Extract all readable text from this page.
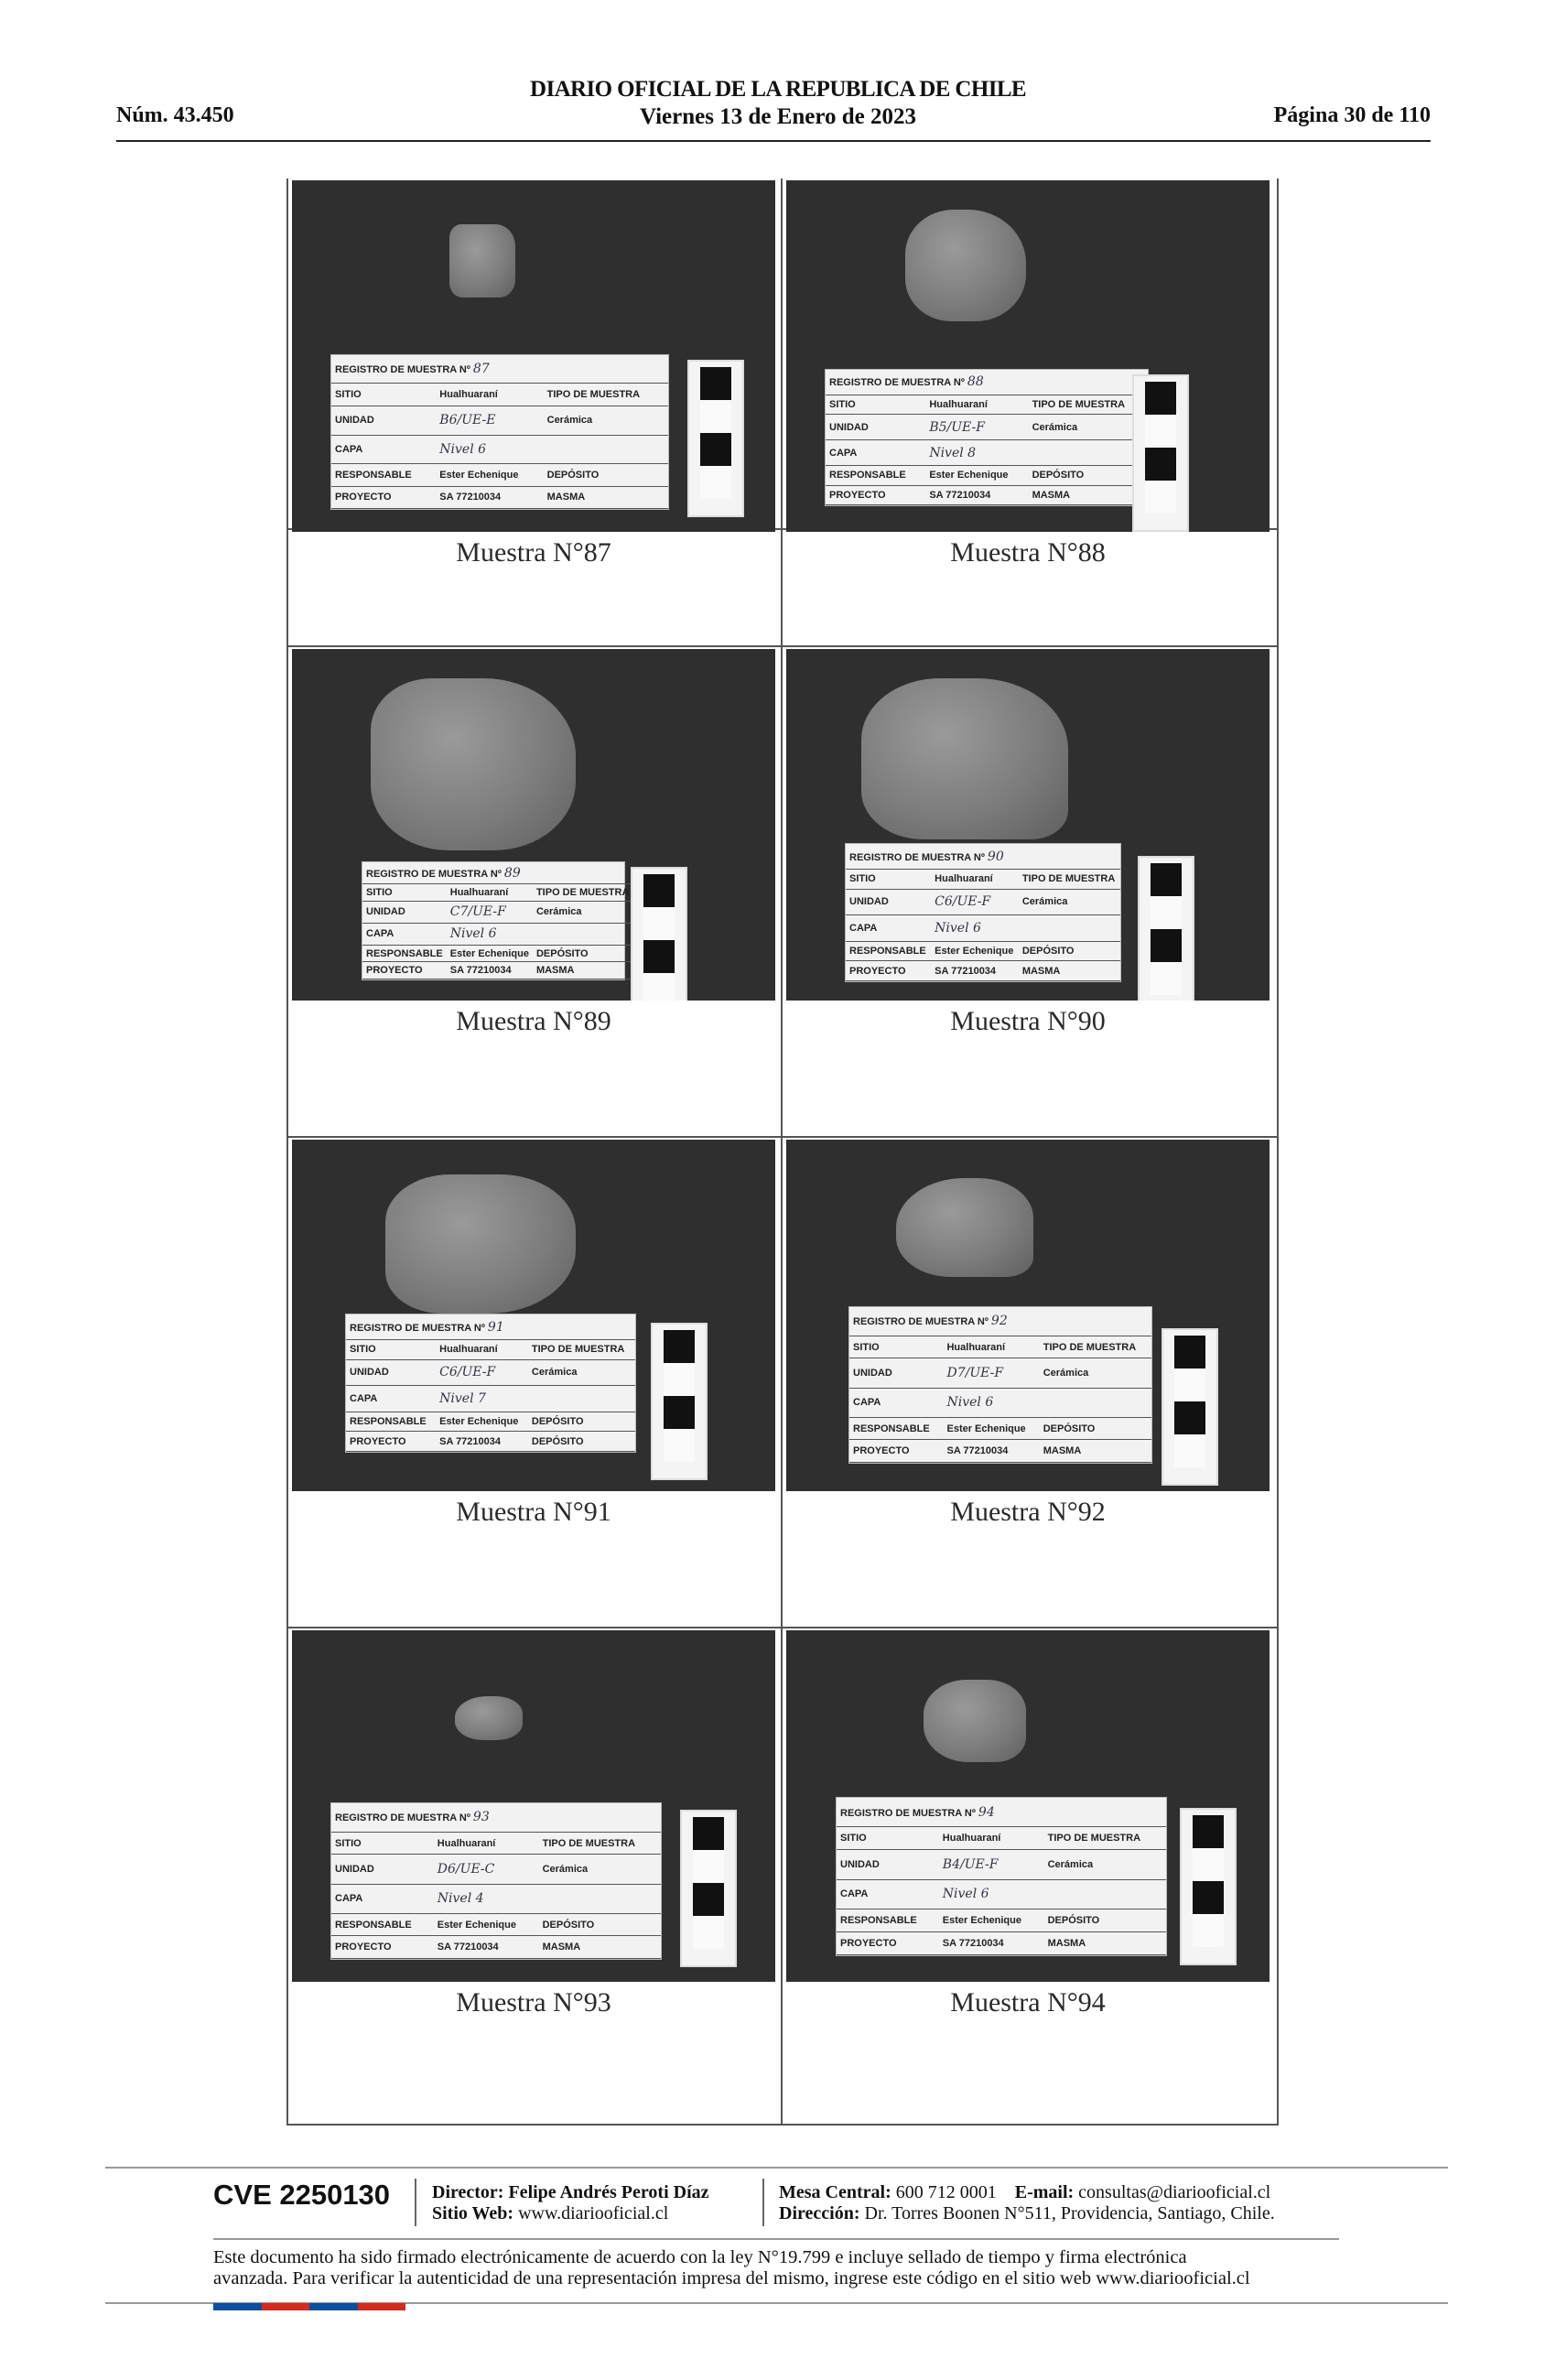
Núm. 43.450
DIARIO OFICIAL DE LA REPUBLICA DE CHILE
Viernes 13 de Enero de 2023	Página 30 de 110
REGISTRO DE MUESTRA Nº 87		
SITIO	Hualhuaraní	TIPO DE MUESTRA
UNIDAD	B6/UE-E	Cerámica
CAPA	Nivel 6	
RESPONSABLE	Ester Echenique	DEPÓSITO
PROYECTO	SA 77210034	MASMA
Muestra N°87
REGISTRO DE MUESTRA Nº 88		
SITIO	Hualhuaraní	TIPO DE MUESTRA
UNIDAD	B5/UE-F	Cerámica
CAPA	Nivel 8	
RESPONSABLE	Ester Echenique	DEPÓSITO
PROYECTO	SA 77210034	MASMA
Muestra N°88
REGISTRO DE MUESTRA Nº 89		
SITIO	Hualhuaraní	TIPO DE MUESTRA
UNIDAD	C7/UE-F	Cerámica
CAPA	Nivel 6	
RESPONSABLE	Ester Echenique	DEPÓSITO
PROYECTO	SA 77210034	MASMA
Muestra N°89
REGISTRO DE MUESTRA Nº 90		
SITIO	Hualhuaraní	TIPO DE MUESTRA
UNIDAD	C6/UE-F	Cerámica
CAPA	Nivel 6	
RESPONSABLE	Ester Echenique	DEPÓSITO
PROYECTO	SA 77210034	MASMA
Muestra N°90
REGISTRO DE MUESTRA Nº 91		
SITIO	Hualhuaraní	TIPO DE MUESTRA
UNIDAD	C6/UE-F	Cerámica
CAPA	Nivel 7	
RESPONSABLE	Ester Echenique	DEPÓSITO
PROYECTO	SA 77210034	DEPÓSITO
Muestra N°91
REGISTRO DE MUESTRA Nº 92		
SITIO	Hualhuaraní	TIPO DE MUESTRA
UNIDAD	D7/UE-F	Cerámica
CAPA	Nivel 6	
RESPONSABLE	Ester Echenique	DEPÓSITO
PROYECTO	SA 77210034	MASMA
Muestra N°92
REGISTRO DE MUESTRA Nº 93		
SITIO	Hualhuaraní	TIPO DE MUESTRA
UNIDAD	D6/UE-C	Cerámica
CAPA	Nivel 4	
RESPONSABLE	Ester Echenique	DEPÓSITO
PROYECTO	SA 77210034	MASMA
Muestra N°93
REGISTRO DE MUESTRA Nº 94		
SITIO	Hualhuaraní	TIPO DE MUESTRA
UNIDAD	B4/UE-F	Cerámica
CAPA	Nivel 6	
RESPONSABLE	Ester Echenique	DEPÓSITO
PROYECTO	SA 77210034	MASMA
Muestra N°94
CVE 2250130 Director: Felipe Andrés Peroti Díaz
Sitio Web: www.diariooficial.cl
Mesa Central: 600 712 0001 E-mail: consultas@diariooficial.cl
Dirección: Dr. Torres Boonen N°511, Providencia, Santiago, Chile.
Este documento ha sido firmado electrónicamente de acuerdo con la ley N°19.799 e incluye sellado de tiempo y firma electrónica
avanzada. Para verificar la autenticidad de una representación impresa del mismo, ingrese este código en el sitio web www.diariooficial.cl
